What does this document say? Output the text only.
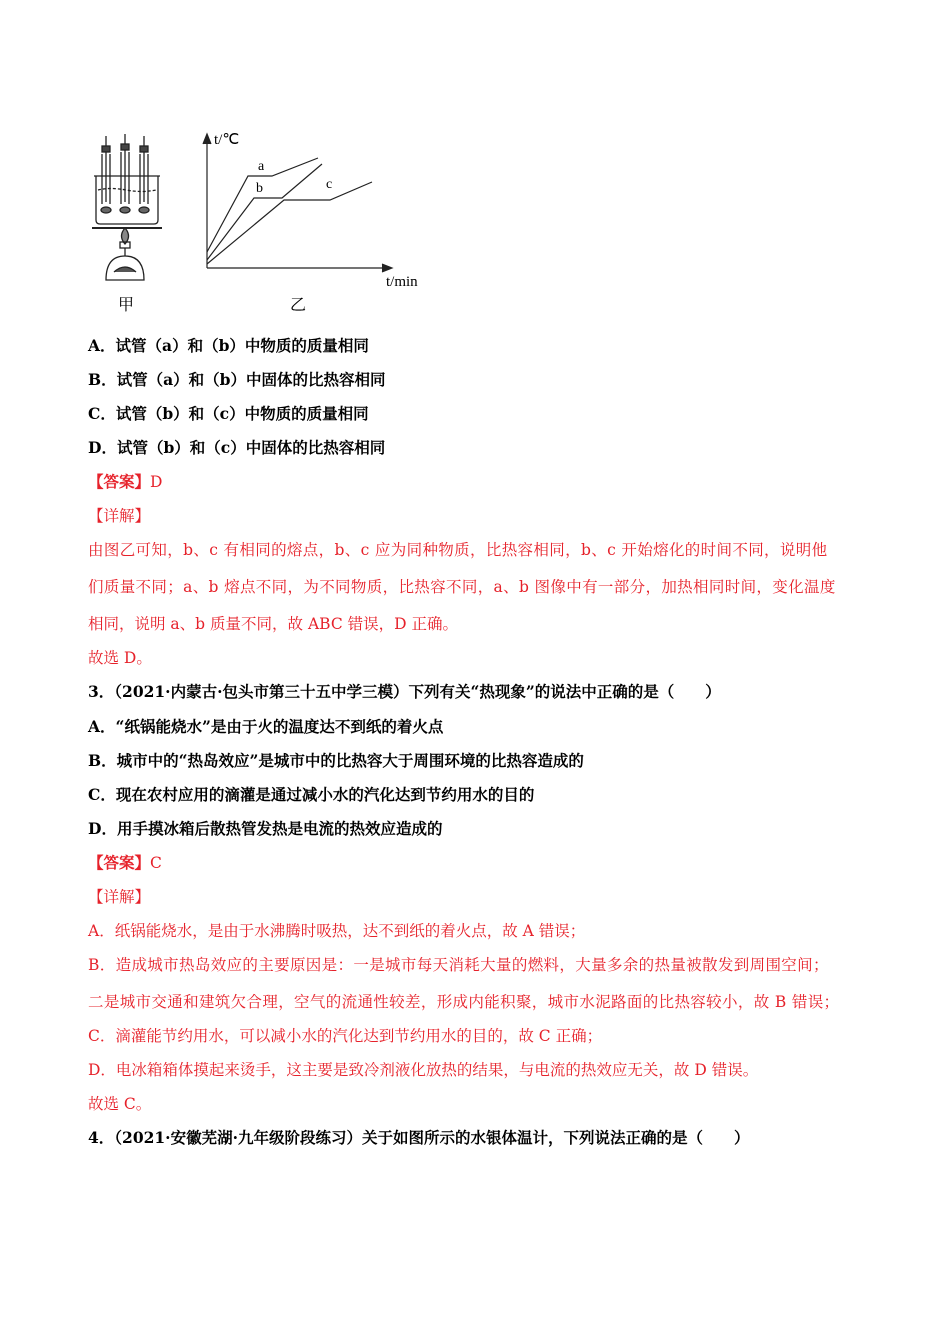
甲
t/℃
t/min
a
b	c
乙
A．试管（a）和（b）中物质的质量相同
B．试管（a）和（b）中固体的比热容相同
C．试管（b）和（c）中物质的质量相同
D．试管（b）和（c）中固体的比热容相同
【答案】D
【详解】
由图乙可知，b、c 有相同的熔点，b、c 应为同种物质，比热容相同，b、c 开始熔化的时间不同，说明他
们质量不同；a、b 熔点不同，为不同物质，比热容不同，a、b 图像中有一部分，加热相同时间，变化温度
相同，说明 a、b 质量不同，故 ABC 错误，D 正确。
故选 D。
3．（2021·内蒙古·包头市第三十五中学三模）下列有关“热现象”的说法中正确的是（　　）
A．“纸锅能烧水”是由于火的温度达不到纸的着火点
B．城市中的“热岛效应”是城市中的比热容大于周围环境的比热容造成的
C．现在农村应用的滴灌是通过减小水的汽化达到节约用水的目的
D．用手摸冰箱后散热管发热是电流的热效应造成的
【答案】C
【详解】
A．纸锅能烧水，是由于水沸腾时吸热，达不到纸的着火点，故 A 错误；
B．造成城市热岛效应的主要原因是：一是城市每天消耗大量的燃料，大量多余的热量被散发到周围空间；
二是城市交通和建筑欠合理，空气的流通性较差，形成内能积聚，城市水泥路面的比热容较小，故 B 错误；
C．滴灌能节约用水，可以减小水的汽化达到节约用水的目的，故 C 正确；
D．电冰箱箱体摸起来烫手，这主要是致冷剂液化放热的结果，与电流的热效应无关，故 D 错误。
故选 C。
4．（2021·安徽芜湖·九年级阶段练习）关于如图所示的水银体温计，下列说法正确的是（　　）
